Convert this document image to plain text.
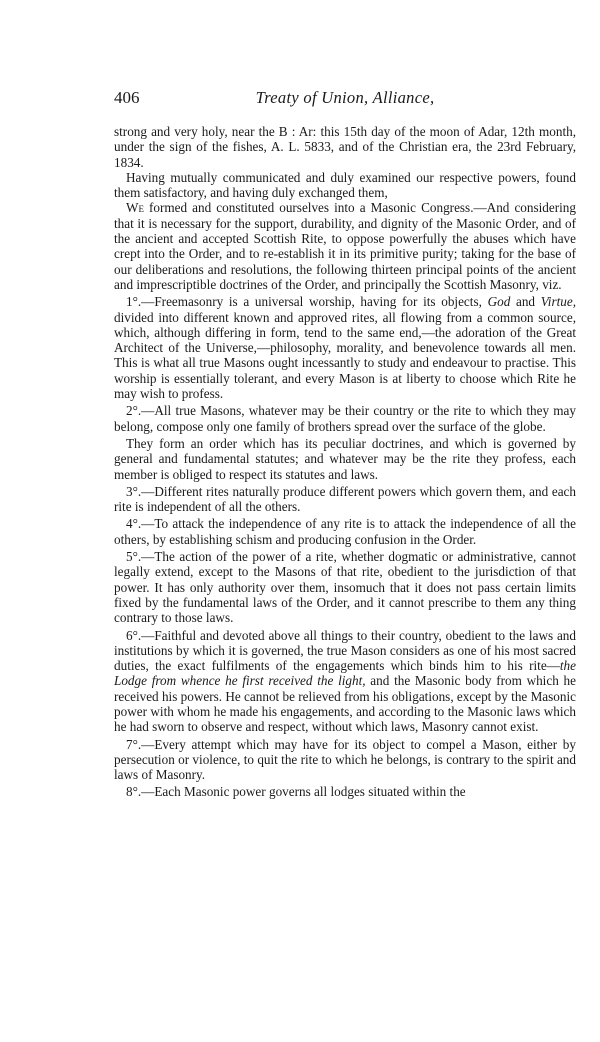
406	Treaty of Union, Alliance,

strong and very holy, near the B : Ar: this 15th day of the moon of Adar, 12th month, under the sign of the fishes, A. L. 5833, and of the Christian era, the 23rd February, 1834.

Having mutually communicated and duly examined our respective powers, found them satisfactory, and having duly exchanged them,

We formed and constituted ourselves into a Masonic Congress.—And considering that it is necessary for the support, durability, and dignity of the Masonic Order, and of the ancient and accepted Scottish Rite, to oppose powerfully the abuses which have crept into the Order, and to re-establish it in its primitive purity; taking for the base of our deliberations and resolutions, the following thirteen principal points of the ancient and imprescriptible doctrines of the Order, and principally the Scottish Masonry, viz.

1°.—Freemasonry is a universal worship, having for its objects, God and Virtue, divided into different known and approved rites, all flowing from a common source, which, although differing in form, tend to the same end,—the adoration of the Great Architect of the Universe,—philosophy, morality, and benevolence towards all men. This is what all true Masons ought incessantly to study and endeavour to practise. This worship is essentially tolerant, and every Mason is at liberty to choose which Rite he may wish to profess.

2°.—All true Masons, whatever may be their country or the rite to which they may belong, compose only one family of brothers spread over the surface of the globe.

They form an order which has its peculiar doctrines, and which is governed by general and fundamental statutes; and whatever may be the rite they profess, each member is obliged to respect its statutes and laws.

3°.—Different rites naturally produce different powers which govern them, and each rite is independent of all the others.

4°.—To attack the independence of any rite is to attack the independence of all the others, by establishing schism and producing confusion in the Order.

5°.—The action of the power of a rite, whether dogmatic or administrative, cannot legally extend, except to the Masons of that rite, obedient to the jurisdiction of that power. It has only authority over them, insomuch that it does not pass certain limits fixed by the fundamental laws of the Order, and it cannot prescribe to them any thing contrary to those laws.

6°.—Faithful and devoted above all things to their country, obedient to the laws and institutions by which it is governed, the true Mason considers as one of his most sacred duties, the exact fulfilments of the engagements which binds him to his rite—the Lodge from whence he first received the light, and the Masonic body from which he received his powers. He cannot be relieved from his obligations, except by the Masonic power with whom he made his engagements, and according to the Masonic laws which he had sworn to observe and respect, without which laws, Masonry cannot exist.

7°.—Every attempt which may have for its object to compel a Mason, either by persecution or violence, to quit the rite to which he belongs, is contrary to the spirit and laws of Masonry.

8°.—Each Masonic power governs all lodges situated within the
